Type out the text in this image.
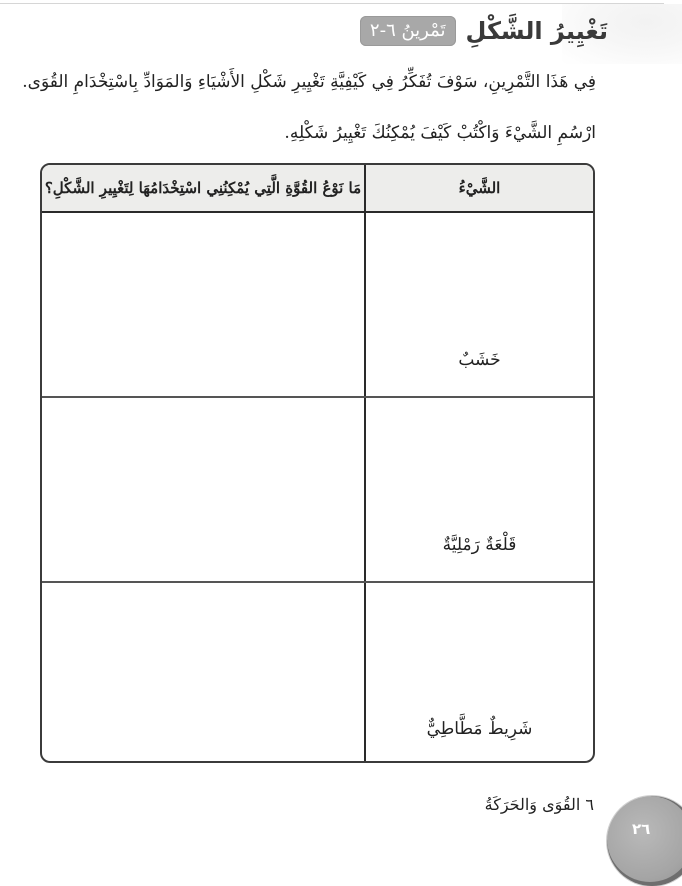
تَمْرينُ ٦-٢ تَغْيِيرُ الشَّكْلِ
فِي هَذَا التَّمْرِينِ، سَوْفَ تُفَكِّرُ فِي كَيْفِيَّةِ تَغْيِيرِ شَكْلِ الأَشْيَاءِ وَالمَوَادِّ بِاسْتِخْدَامِ القُوَى.
ارْسُمِ الشَّيْءَ وَاكْتُبْ كَيْفَ يُمْكِنُكَ تَغْيِيرُ شَكْلِهِ.
الشَّيْءُ
مَا نَوْعُ القُوَّةِ الَّتِي يُمْكِنُنِي اسْتِخْدَامُهَا لِتَغْيِيرِ الشَّكْلِ؟
خَشَبٌ
قَلْعَةٌ رَمْلِيَّةٌ
شَرِيطٌ مَطَّاطِيٌّ
٦ القُوَى وَالحَرَكَةُ
٢٦
